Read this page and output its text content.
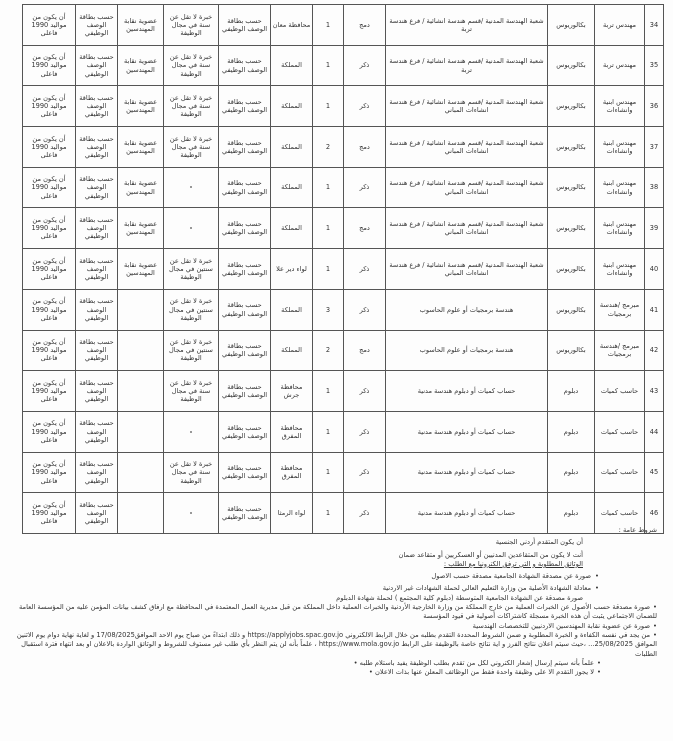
34	مهندس تربة	بكالوريوس	شعبة الهندسة المدنية /قسم هندسة انشائية / فرع هندسة تربة	دمج	1	محافظة معان	حسب بطاقة الوصف الوظيفي	خبرة لا تقل عن سنة في مجال الوظيفة	عضوية نقابة المهندسين	حسب بطاقة الوصف الوظيفي	أن يكون من مواليد 1990 فاعلى
35	مهندس تربة	بكالوريوس	شعبة الهندسة المدنية /قسم هندسة انشائية / فرع هندسة تربة	ذكر	1	المملكة	حسب بطاقة الوصف الوظيفي	خبرة لا تقل عن سنة في مجال الوظيفة	عضوية نقابة المهندسين	حسب بطاقة الوصف الوظيفي	أن يكون من مواليد 1990 فاعلى
36	مهندس ابنية وانشاءات	بكالوريوس	شعبة الهندسة المدنية /قسم هندسة انشائية / فرع هندسة انشاءات المباني	ذكر	1	المملكة	حسب بطاقة الوصف الوظيفي	خبرة لا تقل عن سنة في مجال الوظيفة	عضوية نقابة المهندسين	حسب بطاقة الوصف الوظيفي	أن يكون من مواليد 1990 فاعلى
37	مهندس ابنية وانشاءات	بكالوريوس	شعبة الهندسة المدنية /قسم هندسة انشائية / فرع هندسة انشاءات المباني	دمج	2	المملكة	حسب بطاقة الوصف الوظيفي	خبرة لا تقل عن سنة في مجال الوظيفة	عضوية نقابة المهندسين	حسب بطاقة الوصف الوظيفي	أن يكون من مواليد 1990 فاعلى
38	مهندس ابنية وانشاءات	بكالوريوس	شعبة الهندسة المدنية /قسم هندسة انشائية / فرع هندسة انشاءات المباني	ذكر	1	المملكة	حسب بطاقة الوصف الوظيفي	-	عضوية نقابة المهندسين	حسب بطاقة الوصف الوظيفي	أن يكون من مواليد 1990 فاعلى
39	مهندس ابنية وانشاءات	بكالوريوس	شعبة الهندسة المدنية /قسم هندسة انشائية / فرع هندسة انشاءات المباني	دمج	1	المملكة	حسب بطاقة الوصف الوظيفي	-	عضوية نقابة المهندسين	حسب بطاقة الوصف الوظيفي	أن يكون من مواليد 1990 فاعلى
40	مهندس ابنية وانشاءات	بكالوريوس	شعبة الهندسة المدنية /قسم هندسة انشائية / فرع هندسة انشاءات المباني	ذكر	1	لواء دير علا	حسب بطاقة الوصف الوظيفي	خبرة لا تقل عن سنتين في مجال الوظيفة	عضوية نقابة المهندسين	حسب بطاقة الوصف الوظيفي	أن يكون من مواليد 1990 فاعلى
41	مبرمج /هندسة برمجيات	بكالوريوس	هندسة برمجيات أو علوم الحاسوب	ذكر	3	المملكة	حسب بطاقة الوصف الوظيفي	خبرة لا تقل عن سنتين في مجال الوظيفة		حسب بطاقة الوصف الوظيفي	أن يكون من مواليد 1990 فاعلى
42	مبرمج /هندسة برمجيات	بكالوريوس	هندسة برمجيات أو علوم الحاسوب	دمج	2	المملكة	حسب بطاقة الوصف الوظيفي	خبرة لا تقل عن سنتين في مجال الوظيفة		حسب بطاقة الوصف الوظيفي	أن يكون من مواليد 1990 فاعلى
43	حاسب كميات	دبلوم	حساب كميات أو دبلوم هندسة مدنية	ذكر	1	محافظة جرش	حسب بطاقة الوصف الوظيفي	خبرة لا تقل عن سنة في مجال الوظيفة		حسب بطاقة الوصف الوظيفي	أن يكون من مواليد 1990 فاعلى
44	حاسب كميات	دبلوم	حساب كميات أو دبلوم هندسة مدنية	ذكر	1	محافظة المفرق	حسب بطاقة الوصف الوظيفي	-		حسب بطاقة الوصف الوظيفي	أن يكون من مواليد 1990 فاعلى
45	حاسب كميات	دبلوم	حساب كميات أو دبلوم هندسة مدنية	ذكر	1	محافظة المفرق	حسب بطاقة الوصف الوظيفي	خبرة لا تقل عن سنة في مجال الوظيفة		حسب بطاقة الوصف الوظيفي	أن يكون من مواليد 1990 فاعلى
46	حاسب كميات	دبلوم	حساب كميات أو دبلوم هندسة مدنية	ذكر	1	لواء الرمثا	حسب بطاقة الوصف الوظيفي	-		حسب بطاقة الوصف الوظيفي	أن يكون من مواليد 1990 فاعلى

شروط عامة :

أن يكون المتقدم أردني الجنسية

أنت لا يكون من المتقاعدين المدنيين أو العسكريين أو متقاعد ضمان

الوثائق المطلوبة و التي ترفق الكترونيا مع الطلب :

• صورة عن مصدقة الشهادة الجامعية مصدقة حسب الاصول

• معادلة الشهادة الأصلية من وزارة التعليم العالي لحملة الشهادات غير الاردنية

صورة مصدقة عن الشهادة الجامعية المتوسطة (دبلوم كلية المجتمع ) لحملة شهادة الدبلوم

• صورة مصدقة حسب الأصول عن الخبرات العملية من خارج المملكة من وزارة الخارجية الأردنية والخبرات العملية داخل المملكة من قبل مديرية العمل المعتمدة في المحافظة مع ارفاق كشف بيانات المؤمن عليه من المؤسسة العامة للضمان الاجتماعي يثبت أن هذه الخبرة مسجلة كاشتراكات أصولية في قيود المؤسسة

• صورة عن عضوية نقابة المهندسين الاردنيين للتخصصات الهندسية

• من يجد في نفسه الكفاءة و الخبرة المطلوبة و ضمن الشروط المحددة التقدم بطلبه من خلال الرابط الالكتروني https://applyjobs.spac.gov.jo و ذلك ابتداءً من صباح يوم الاحد الموافق17/08/2025 و لغاية نهاية دوام يوم الاثنين الموافق 25/08/2025... ،حيث سيتم اعلان نتائج الفرز و اية نتائج خاصة بالوظيفة على الرابط https://www.mola.gov.jo ، علماً بأنه لن يتم النظر بأي طلب غير مستوف للشروط و الوثائق الواردة بالاعلان او بعد انتهاء فترة استقبال الطلبات

• علماً بأنه سيتم إرسال إشعار الكتروني لكل من تقدم بطلب الوظيفة يفيد باستلام طلبه •

• لا يجوز التقدم الا على وظيفة واحدة فقط من الوظائف المعلن عنها بذات الاعلان •
